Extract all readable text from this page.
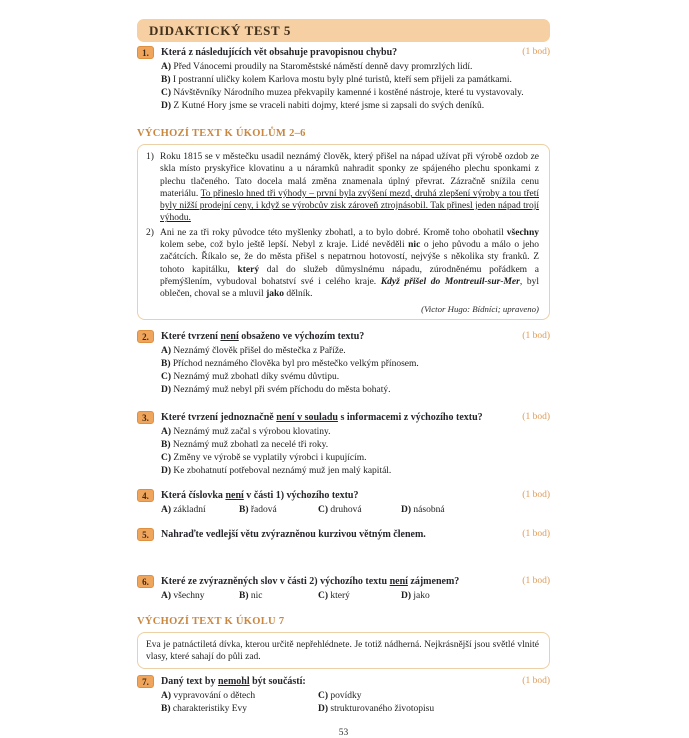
DIDAKTICKÝ TEST 5
1.	Která z následujících vět obsahuje pravopisnou chybu?	(1 bod)
A) Před Vánocemi proudily na Staroměstské náměstí denně davy promrzlých lidí.
B) I postranní uličky kolem Karlova mostu byly plné turistů, kteří sem přijeli za památkami.
C) Návštěvníky Národního muzea překvapily kamenné i kostěné nástroje, které tu vystavovaly.
D) Z Kutné Hory jsme se vraceli nabiti dojmy, které jsme si zapsali do svých deníků.
VÝCHOZÍ TEXT K ÚKOLŮM 2–6
1) Roku 1815 se v městečku usadil neznámý člověk, který přišel na nápad užívat při výrobě ozdob ze skla místo pryskyřice klovatinu a u náramků nahradit sponky ze spájeného plechu sponkami z plechu tlačeného. Tato docela malá změna znamenala úplný převrat. Zázračně snížila cenu materiálu. To přineslo hned tři výhody – první byla zvýšení mezd, druhá zlepšení výroby a tou třetí byly nižší prodejní ceny, i když se výrobcův zisk zároveň ztrojnásobil. Tak přinesl jeden nápad trojí výhodu.
2) Ani ne za tři roky původce této myšlenky zbohatl, a to bylo dobré. Kromě toho obohatil všechny kolem sebe, což bylo ještě lepší. Nebyl z kraje. Lidé nevěděli nic o jeho původu a málo o jeho začátcích. Říkalo se, že do města přišel s nepatrnou hotovostí, nejvýše s několika sty franků. Z tohoto kapitálku, který dal do služeb důmyslnému nápadu, zúrodněnému pořádkem a přemýšlením, vybudoval bohatství své i celého kraje. Když přišel do Montreuil-sur-Mer, byl oblečen, choval se a mluvil jako dělník.
(Victor Hugo: Bídníci; upraveno)
2.	Které tvrzení není obsaženo ve výchozím textu?	(1 bod)
A) Neznámý člověk přišel do městečka z Paříže.
B) Příchod neznámého člověka byl pro městečko velkým přínosem.
C) Neznámý muž zbohatl díky svému důvtipu.
D) Neznámý muž nebyl při svém příchodu do města bohatý.
3.	Které tvrzení jednoznačně není v souladu s informacemi z výchozího textu?	(1 bod)
A) Neznámý muž začal s výrobou klovatiny.
B) Neznámý muž zbohatl za necelé tři roky.
C) Změny ve výrobě se vyplatily výrobci i kupujícím.
D) Ke zbohatnutí potřeboval neznámý muž jen malý kapitál.
4.	Která číslovka není v části 1) výchozího textu?	(1 bod)
A) základní	B) řadová	C) druhová	D) násobná
5.	Nahraďte vedlejší větu zvýrazněnou kurzivou větným členem.	(1 bod)
6.	Které ze zvýrazněných slov v části 2) výchozího textu není zájmenem?	(1 bod)
A) všechny	B) nic	C) který	D) jako
VÝCHOZÍ TEXT K ÚKOLU 7
Eva je patnáctiletá dívka, kterou určitě nepřehlédnete. Je totiž nádherná. Nejkrásnější jsou světlé vlnité vlasy, které sahají do půli zad.
7.	Daný text by nemohl být součástí:	(1 bod)
A) vypravování o dětech	C) povídky
B) charakteristiky Evy	D) strukturovaného životopisu
53
